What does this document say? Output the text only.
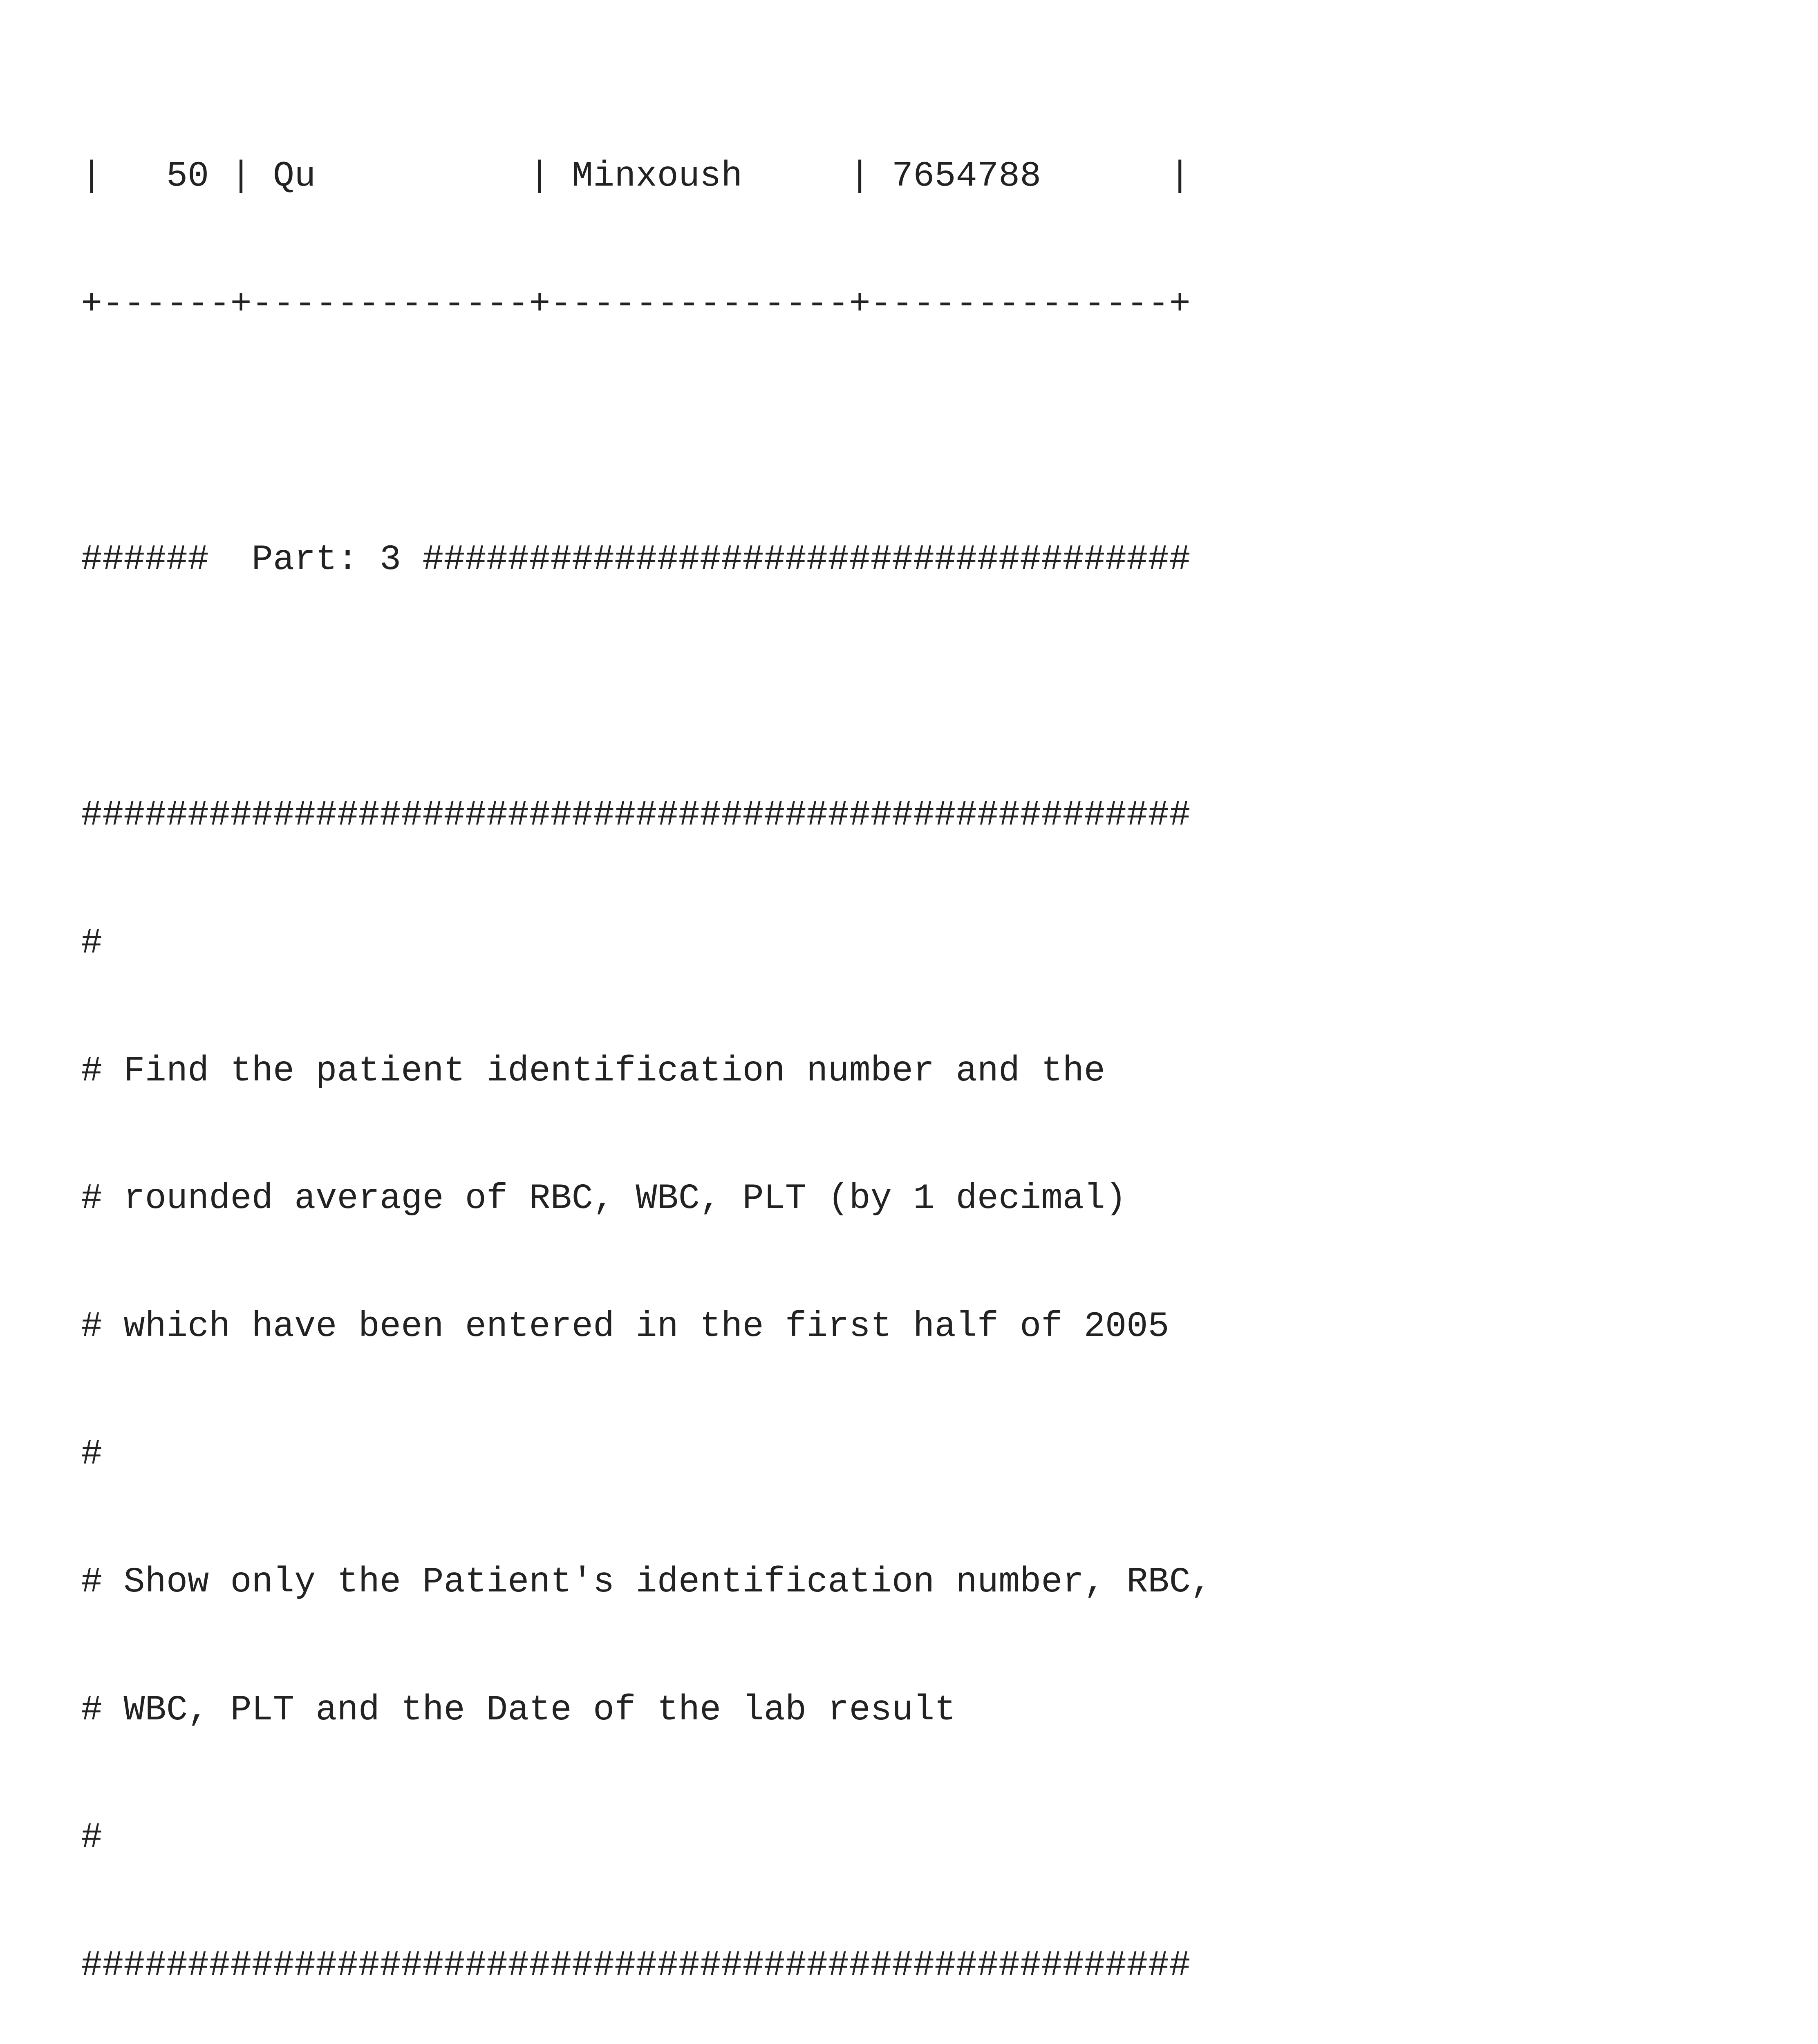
|   50 | Qu          | Minxoush     | 7654788      |

+------+-------------+--------------+--------------+

######  Part: 3 ####################################

####################################################

#

# Find the patient identification number and the

# rounded average of RBC, WBC, PLT (by 1 decimal)

# which have been entered in the first half of 2005

#

# Show only the Patient's identification number, RBC,

# WBC, PLT and the Date of the lab result

#

####################################################
